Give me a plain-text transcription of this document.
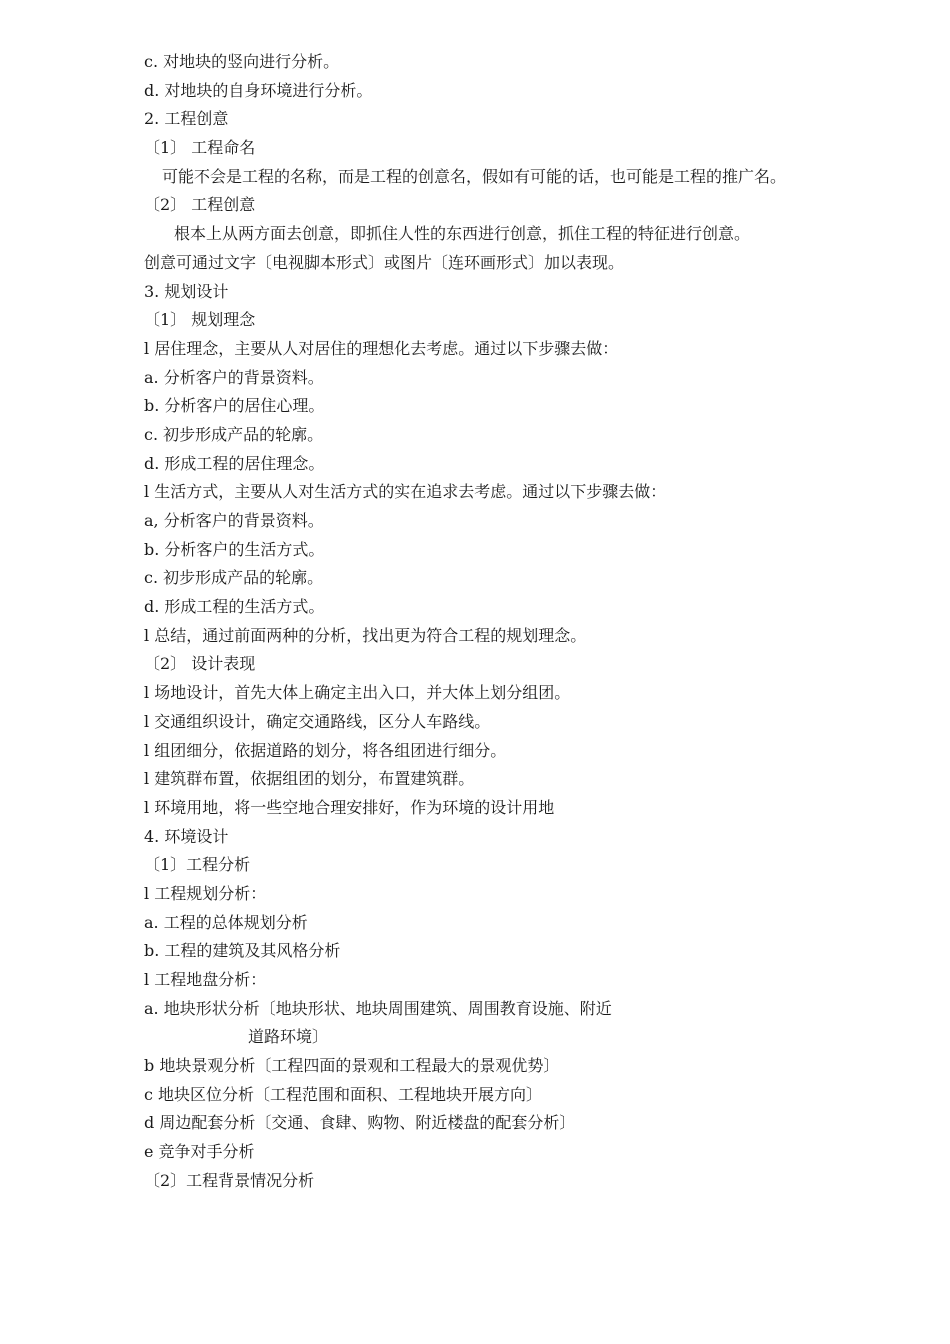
c. 对地块的竖向进行分析。
d. 对地块的自身环境进行分析。
2. 工程创意
〔1〕 工程命名
可能不会是工程的名称，而是工程的创意名，假如有可能的话，也可能是工程的推广名。
〔2〕 工程创意
根本上从两方面去创意，即抓住人性的东西进行创意，抓住工程的特征进行创意。
创意可通过文字〔电视脚本形式〕或图片〔连环画形式〕加以表现。
3. 规划设计
〔1〕 规划理念
l 居住理念，主要从人对居住的理想化去考虑。通过以下步骤去做：
a. 分析客户的背景资料。
b. 分析客户的居住心理。
c. 初步形成产品的轮廓。
d. 形成工程的居住理念。
l 生活方式，主要从人对生活方式的实在追求去考虑。通过以下步骤去做：
a, 分析客户的背景资料。
b. 分析客户的生活方式。
c. 初步形成产品的轮廓。
d. 形成工程的生活方式。
l 总结，通过前面两种的分析，找出更为符合工程的规划理念。
〔2〕 设计表现
l 场地设计，首先大体上确定主出入口，并大体上划分组团。
l 交通组织设计，确定交通路线，区分人车路线。
l 组团细分，依据道路的划分，将各组团进行细分。
l 建筑群布置，依据组团的划分，布置建筑群。
l 环境用地，将一些空地合理安排好，作为环境的设计用地
4. 环境设计
〔1〕工程分析
l 工程规划分析：
a. 工程的总体规划分析
b. 工程的建筑及其风格分析
l 工程地盘分析：
a. 地块形状分析〔地块形状、地块周围建筑、周围教育设施、附近
道路环境〕
b 地块景观分析〔工程四面的景观和工程最大的景观优势〕
c 地块区位分析〔工程范围和面积、工程地块开展方向〕
d 周边配套分析〔交通、食肆、购物、附近楼盘的配套分析〕
e 竞争对手分析
〔2〕工程背景情况分析
